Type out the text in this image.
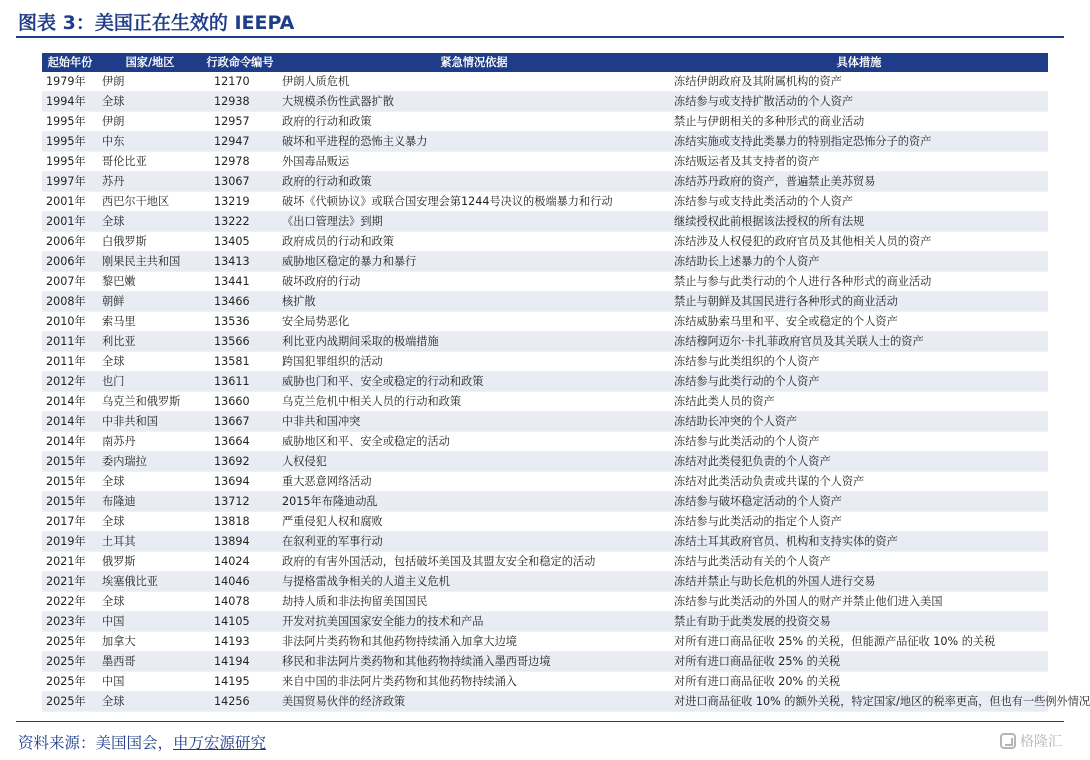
图表 3：美国正在生效的 IEEPA
起始年份	国家/地区	行政命令编号	紧急情况依据	具体措施
1979年	伊朗	12170	伊朗人质危机	冻结伊朗政府及其附属机构的资产
1994年	全球	12938	大规模杀伤性武器扩散	冻结参与或支持扩散活动的个人资产
1995年	伊朗	12957	政府的行动和政策	禁止与伊朗相关的多种形式的商业活动
1995年	中东	12947	破坏和平进程的恐怖主义暴力	冻结实施或支持此类暴力的特别指定恐怖分子的资产
1995年	哥伦比亚	12978	外国毒品贩运	冻结贩运者及其支持者的资产
1997年	苏丹	13067	政府的行动和政策	冻结苏丹政府的资产，普遍禁止美苏贸易
2001年	西巴尔干地区	13219	破坏《代顿协议》或联合国安理会第1244号决议的极端暴力和行动	冻结参与或支持此类活动的个人资产
2001年	全球	13222	《出口管理法》到期	继续授权此前根据该法授权的所有法规
2006年	白俄罗斯	13405	政府成员的行动和政策	冻结涉及人权侵犯的政府官员及其他相关人员的资产
2006年	刚果民主共和国	13413	威胁地区稳定的暴力和暴行	冻结助长上述暴力的个人资产
2007年	黎巴嫩	13441	破坏政府的行动	禁止与参与此类行动的个人进行各种形式的商业活动
2008年	朝鲜	13466	核扩散	禁止与朝鲜及其国民进行各种形式的商业活动
2010年	索马里	13536	安全局势恶化	冻结威胁索马里和平、安全或稳定的个人资产
2011年	利比亚	13566	利比亚内战期间采取的极端措施	冻结穆阿迈尔·卡扎菲政府官员及其关联人士的资产
2011年	全球	13581	跨国犯罪组织的活动	冻结参与此类组织的个人资产
2012年	也门	13611	威胁也门和平、安全或稳定的行动和政策	冻结参与此类行动的个人资产
2014年	乌克兰和俄罗斯	13660	乌克兰危机中相关人员的行动和政策	冻结此类人员的资产
2014年	中非共和国	13667	中非共和国冲突	冻结助长冲突的个人资产
2014年	南苏丹	13664	威胁地区和平、安全或稳定的活动	冻结参与此类活动的个人资产
2015年	委内瑞拉	13692	人权侵犯	冻结对此类侵犯负责的个人资产
2015年	全球	13694	重大恶意网络活动	冻结对此类活动负责或共谋的个人资产
2015年	布隆迪	13712	2015年布隆迪动乱	冻结参与破坏稳定活动的个人资产
2017年	全球	13818	严重侵犯人权和腐败	冻结参与此类活动的指定个人资产
2019年	土耳其	13894	在叙利亚的军事行动	冻结土耳其政府官员、机构和支持实体的资产
2021年	俄罗斯	14024	政府的有害外国活动，包括破坏美国及其盟友安全和稳定的活动	冻结与此类活动有关的个人资产
2021年	埃塞俄比亚	14046	与提格雷战争相关的人道主义危机	冻结并禁止与助长危机的外国人进行交易
2022年	全球	14078	劫持人质和非法拘留美国国民	冻结参与此类活动的外国人的财产并禁止他们进入美国
2023年	中国	14105	开发对抗美国国家安全能力的技术和产品	禁止有助于此类发展的投资交易
2025年	加拿大	14193	非法阿片类药物和其他药物持续涌入加拿大边境	对所有进口商品征收 25% 的关税，但能源产品征收 10% 的关税
2025年	墨西哥	14194	移民和非法阿片类药物和其他药物持续涌入墨西哥边境	对所有进口商品征收 25% 的关税
2025年	中国	14195	来自中国的非法阿片类药物和其他药物持续涌入	对所有进口商品征收 20% 的关税
2025年	全球	14256	美国贸易伙伴的经济政策	对进口商品征收 10% 的额外关税，特定国家/地区的税率更高，但也有一些例外情况
资料来源：美国国会，申万宏源研究	格隆汇
